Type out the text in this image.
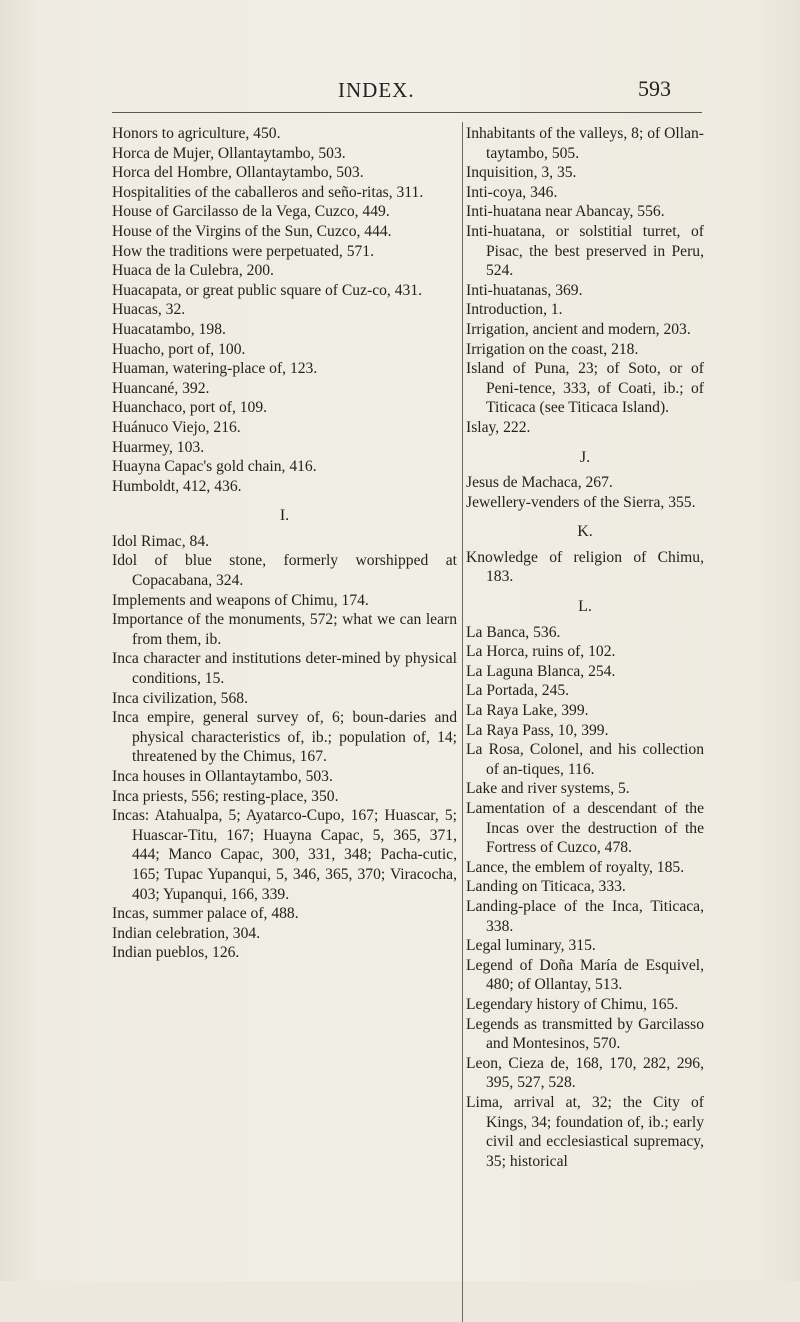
INDEX.	593

Honors to agriculture, 450.

Horca de Mujer, Ollantaytambo, 503.

Horca del Hombre, Ollantaytambo, 503.

Hospitalities of the caballeros and seño-ritas, 311.

House of Garcilasso de la Vega, Cuzco, 449.

House of the Virgins of the Sun, Cuzco, 444.

How the traditions were perpetuated, 571.

Huaca de la Culebra, 200.

Huacapata, or great public square of Cuz-co, 431.

Huacas, 32.

Huacatambo, 198.

Huacho, port of, 100.

Huaman, watering-place of, 123.

Huancané, 392.

Huanchaco, port of, 109.

Huánuco Viejo, 216.

Huarmey, 103.

Huayna Capac's gold chain, 416.

Humboldt, 412, 436.

I.

Idol Rimac, 84.

Idol of blue stone, formerly worshipped at Copacabana, 324.

Implements and weapons of Chimu, 174.

Importance of the monuments, 572; what we can learn from them, ib.

Inca character and institutions deter-mined by physical conditions, 15.

Inca civilization, 568.

Inca empire, general survey of, 6; boun-daries and physical characteristics of, ib.; population of, 14; threatened by the Chimus, 167.

Inca houses in Ollantaytambo, 503.

Inca priests, 556; resting-place, 350.

Incas: Atahualpa, 5; Ayatarco-Cupo, 167; Huascar, 5; Huascar-Titu, 167; Huayna Capac, 5, 365, 371, 444; Manco Capac, 300, 331, 348; Pacha-cutic, 165; Tupac Yupanqui, 5, 346, 365, 370; Viracocha, 403; Yupanqui, 166, 339.

Incas, summer palace of, 488.

Indian celebration, 304.

Indian pueblos, 126.

Inhabitants of the valleys, 8; of Ollan-taytambo, 505.

Inquisition, 3, 35.

Inti-coya, 346.

Inti-huatana near Abancay, 556.

Inti-huatana, or solstitial turret, of Pisac, the best preserved in Peru, 524.

Inti-huatanas, 369.

Introduction, 1.

Irrigation, ancient and modern, 203.

Irrigation on the coast, 218.

Island of Puna, 23; of Soto, or of Peni-tence, 333, of Coati, ib.; of Titicaca (see Titicaca Island).

Islay, 222.

J.

Jesus de Machaca, 267.

Jewellery-venders of the Sierra, 355.

K.

Knowledge of religion of Chimu, 183.

L.

La Banca, 536.

La Horca, ruins of, 102.

La Laguna Blanca, 254.

La Portada, 245.

La Raya Lake, 399.

La Raya Pass, 10, 399.

La Rosa, Colonel, and his collection of an-tiques, 116.

Lake and river systems, 5.

Lamentation of a descendant of the Incas over the destruction of the Fortress of Cuzco, 478.

Lance, the emblem of royalty, 185.

Landing on Titicaca, 333.

Landing-place of the Inca, Titicaca, 338.

Legal luminary, 315.

Legend of Doña María de Esquivel, 480; of Ollantay, 513.

Legendary history of Chimu, 165.

Legends as transmitted by Garcilasso and Montesinos, 570.

Leon, Cieza de, 168, 170, 282, 296, 395, 527, 528.

Lima, arrival at, 32; the City of Kings, 34; foundation of, ib.; early civil and ecclesiastical supremacy, 35; historical
